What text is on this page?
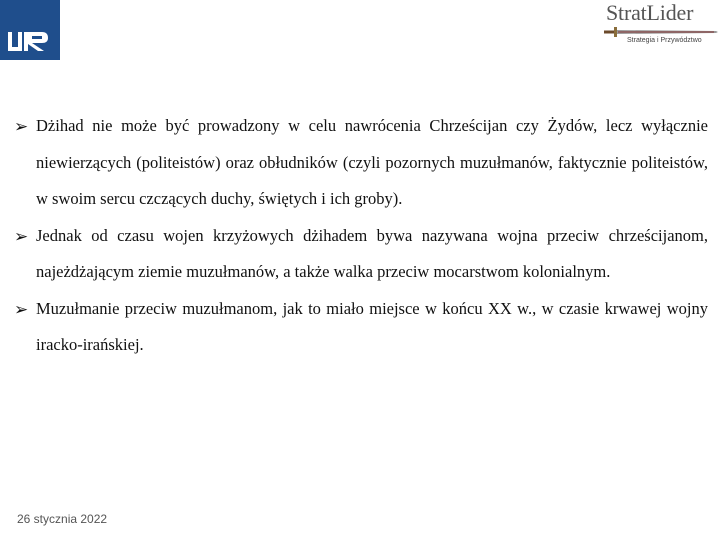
StratLider
Strategia i Przywództwo
➢ Dżihad nie może być prowadzony w celu nawrócenia Chrześcijan czy Żydów, lecz wyłącznie niewierzących (politeistów) oraz obłudników (czyli pozornych muzułmanów, faktycznie politeistów, w swoim sercu czczących duchy, świętych i ich groby).
➢ Jednak od czasu wojen krzyżowych dżihadem bywa nazywana wojna przeciw chrześcijanom, najeżdżającym ziemie muzułmanów, a także walka przeciw mocarstwom kolonialnym.
➢ Muzułmanie przeciw muzułmanom, jak to miało miejsce w końcu XX w., w czasie krwawej wojny iracko-irańskiej.
26 stycznia 2022
